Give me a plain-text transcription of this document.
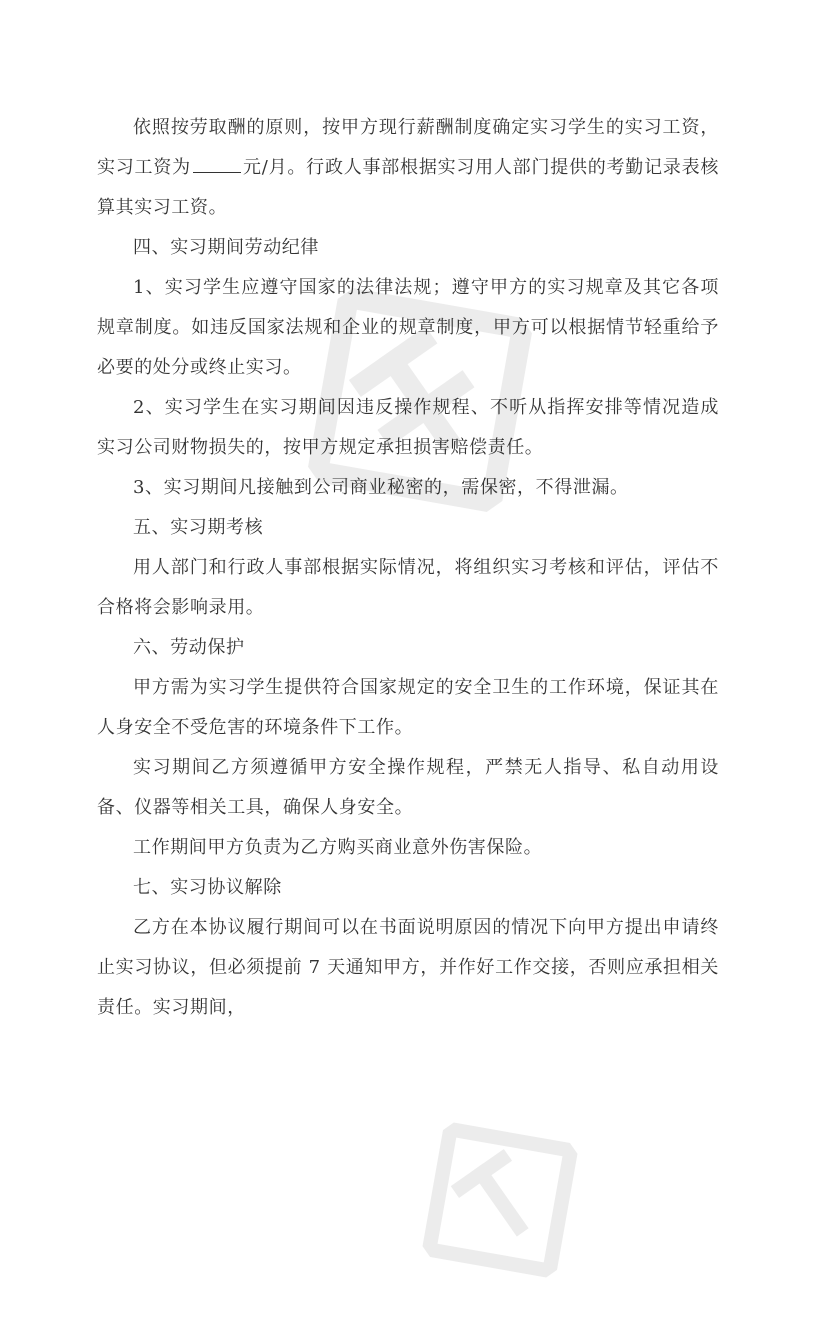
依照按劳取酬的原则，按甲方现行薪酬制度确定实习学生的实习工资，实习工资为	元/月。行政人事部根据实习用人部门提供的考勤记录表核算其实习工资。

四、实习期间劳动纪律

1、实习学生应遵守国家的法律法规；遵守甲方的实习规章及其它各项规章制度。如违反国家法规和企业的规章制度，甲方可以根据情节轻重给予必要的处分或终止实习。

2、实习学生在实习期间因违反操作规程、不听从指挥安排等情况造成实习公司财物损失的，按甲方规定承担损害赔偿责任。

3、实习期间凡接触到公司商业秘密的，需保密，不得泄漏。

五、实习期考核

用人部门和行政人事部根据实际情况，将组织实习考核和评估，评估不合格将会影响录用。

六、劳动保护

甲方需为实习学生提供符合国家规定的安全卫生的工作环境，保证其在人身安全不受危害的环境条件下工作。

实习期间乙方须遵循甲方安全操作规程，严禁无人指导、私自动用设备、仪器等相关工具，确保人身安全。

工作期间甲方负责为乙方购买商业意外伤害保险。

七、实习协议解除

乙方在本协议履行期间可以在书面说明原因的情况下向甲方提出申请终止实习协议，但必须提前 7 天通知甲方，并作好工作交接，否则应承担相关责任。实习期间，
